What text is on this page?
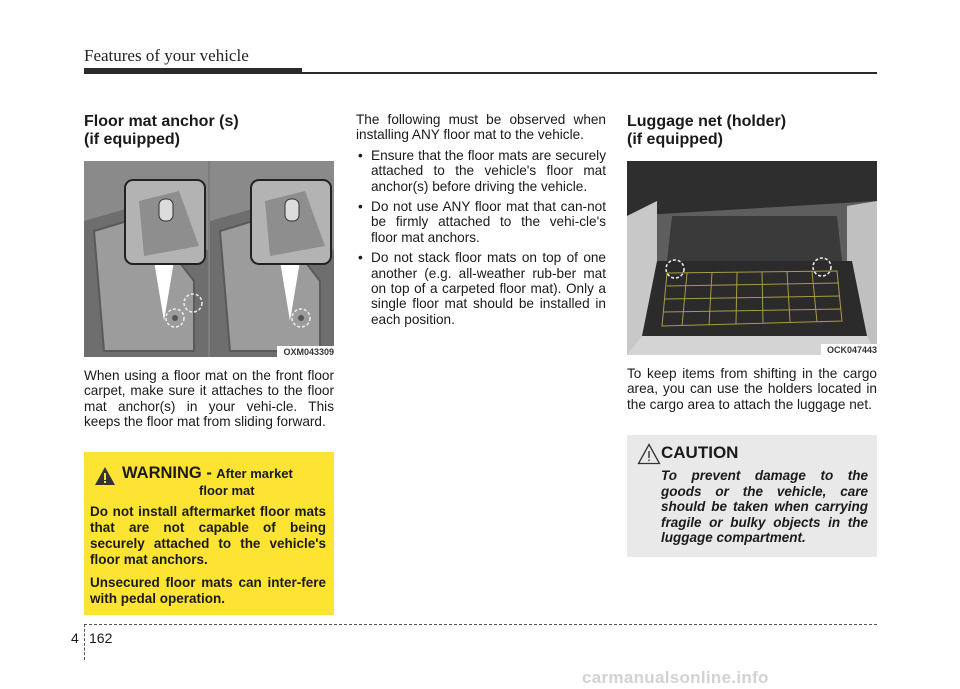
Features of your vehicle
Floor mat anchor (s)
(if equipped)
OXM043309

When using a floor mat on the front floor carpet, make sure it attaches to the floor mat anchor(s) in your vehi-cle. This keeps the floor mat from sliding forward.

WARNING - After market
floor mat

Do not install aftermarket floor mats that are not capable of being securely attached to the vehicle's floor mat anchors.

Unsecured floor mats can inter-fere with pedal operation.

The following must be observed when installing ANY floor mat to the vehicle.

• Ensure that the floor mats are securely attached to the vehicle's floor mat anchor(s) before driving the vehicle.
• Do not use ANY floor mat that can-not be firmly attached to the vehi-cle's floor mat anchors.
• Do not stack floor mats on top of one another (e.g. all-weather rub-ber mat on top of a carpeted floor mat). Only a single floor mat should be installed in each position.
Luggage net (holder)
(if equipped)
OCK047443

To keep items from shifting in the cargo area, you can use the holders located in the cargo area to attach the luggage net.

CAUTION
To prevent damage to the goods or the vehicle, care should be taken when carrying fragile or bulky objects in the luggage compartment.
4 162
carmanualsonline.info
